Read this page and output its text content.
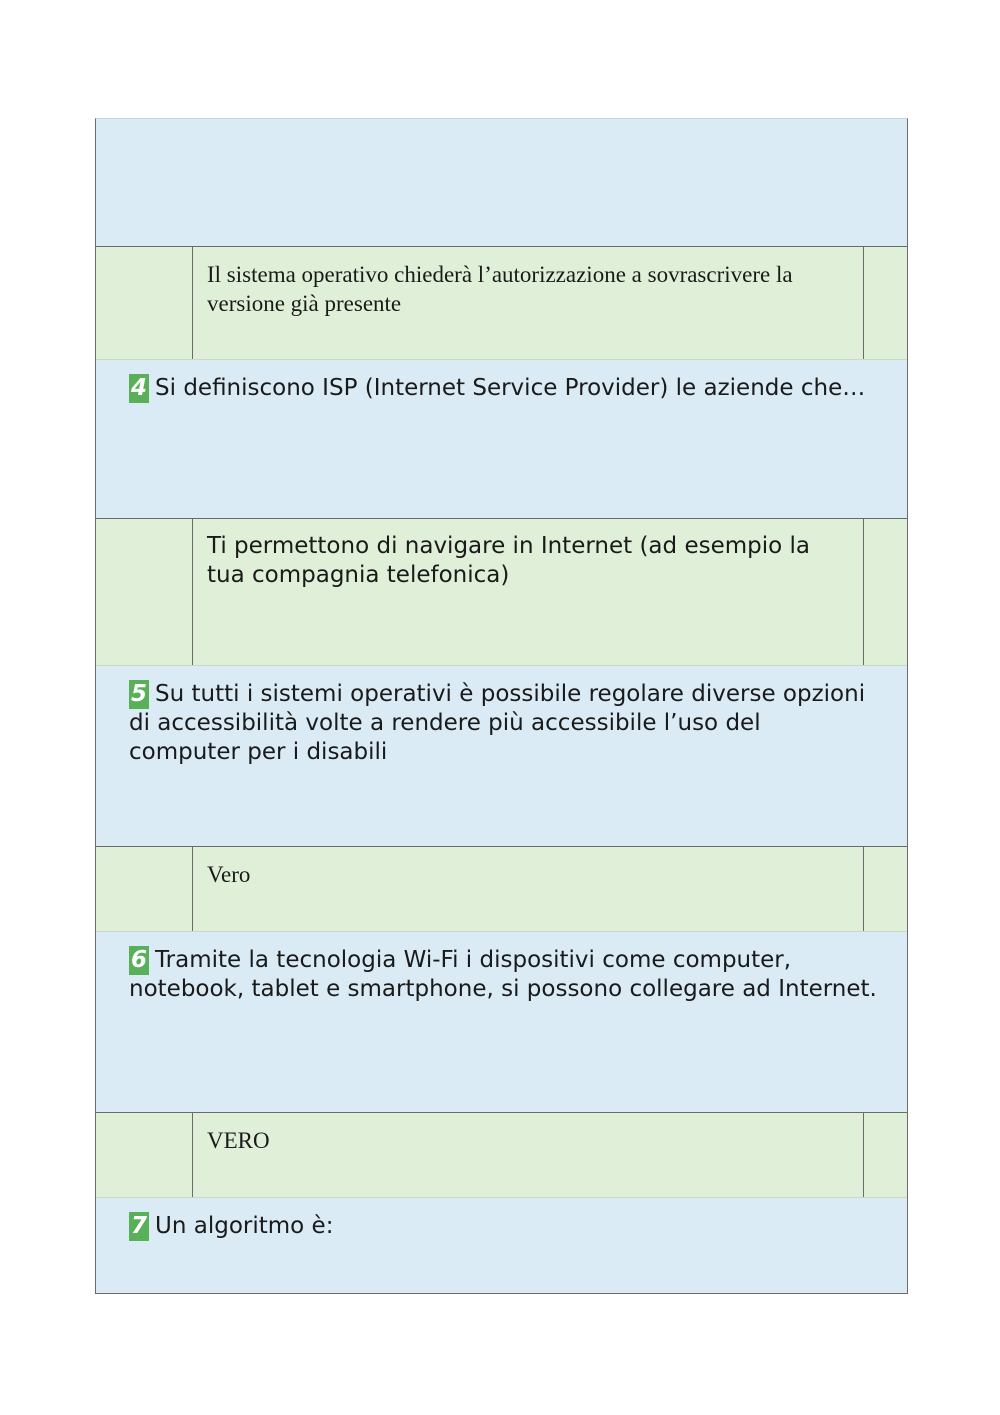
Il sistema operativo chiederà l’autorizzazione a sovrascrivere la versione già presente
4 Si definiscono ISP (Internet Service Provider) le aziende che…
Ti permettono di navigare in Internet (ad esempio la tua compagnia telefonica)
5 Su tutti i sistemi operativi è possibile regolare diverse opzioni di accessibilità volte a rendere più accessibile l’uso del computer per i disabili
Vero
6 Tramite la tecnologia Wi-Fi i dispositivi come computer, notebook, tablet e smartphone, si possono collegare ad Internet.
VERO
7 Un algoritmo è:
